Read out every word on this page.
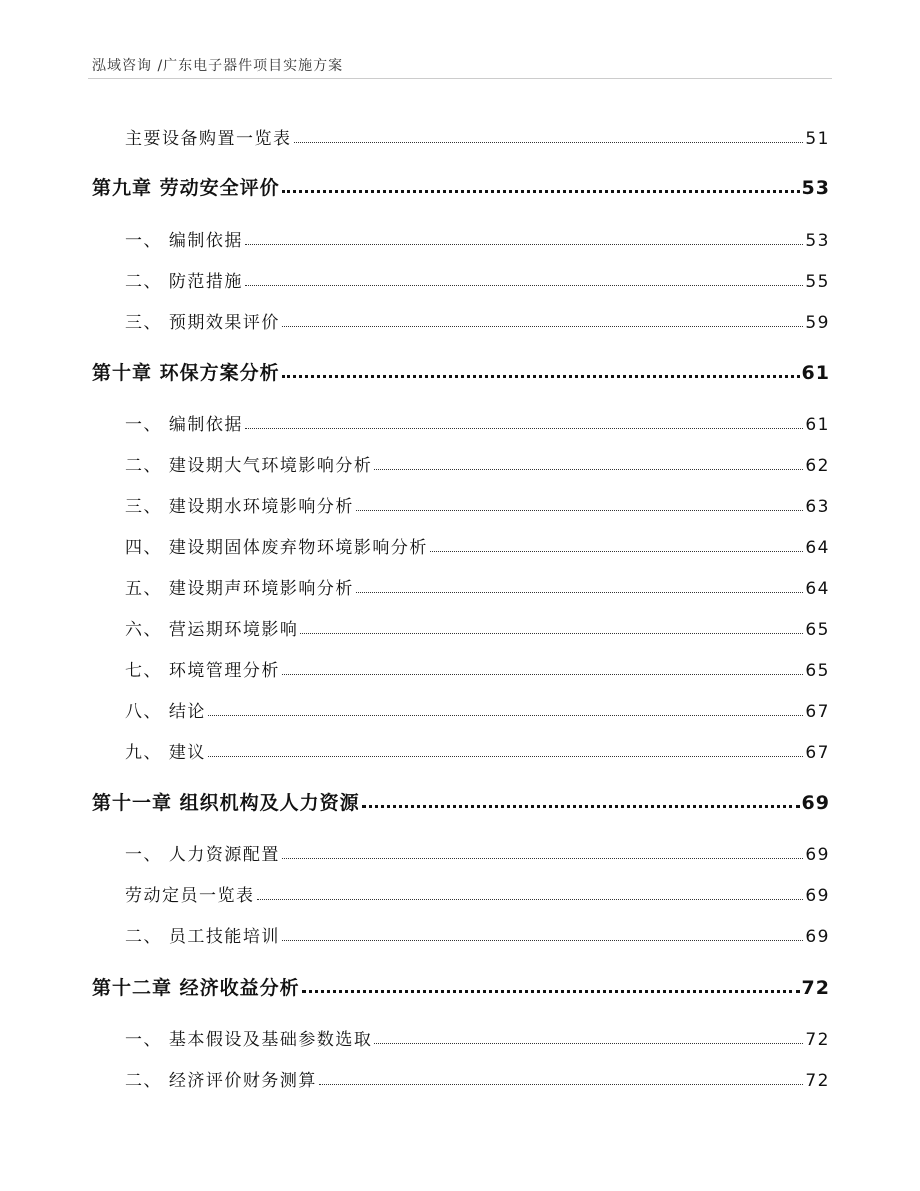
泓域咨询 /广东电子器件项目实施方案
主要设备购置一览表	51
第九章 劳动安全评价	53
一、 编制依据	53
二、 防范措施	55
三、 预期效果评价	59
第十章 环保方案分析	61
一、 编制依据	61
二、 建设期大气环境影响分析	62
三、 建设期水环境影响分析	63
四、 建设期固体废弃物环境影响分析	64
五、 建设期声环境影响分析	64
六、 营运期环境影响	65
七、 环境管理分析	65
八、 结论	67
九、 建议	67
第十一章 组织机构及人力资源	69
一、 人力资源配置	69
劳动定员一览表	69
二、 员工技能培训	69
第十二章 经济收益分析	72
一、 基本假设及基础参数选取	72
二、 经济评价财务测算	72
